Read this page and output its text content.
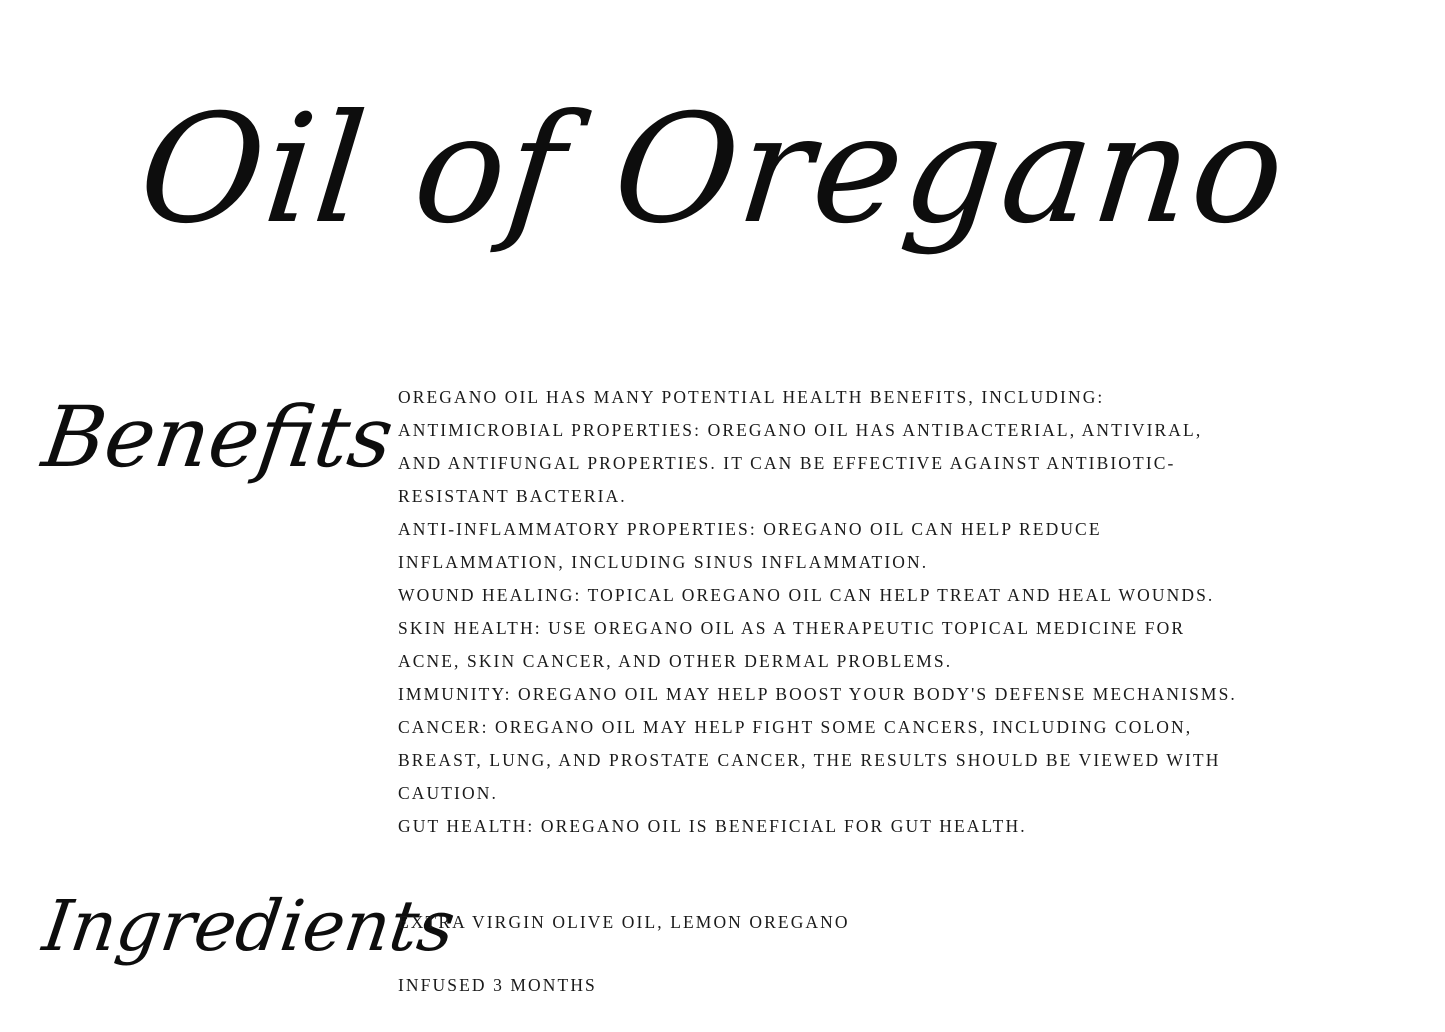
Oil of Oregano
Benefits
OREGANO OIL HAS MANY POTENTIAL HEALTH BENEFITS, INCLUDING:
ANTIMICROBIAL PROPERTIES: OREGANO OIL HAS ANTIBACTERIAL, ANTIVIRAL,
AND ANTIFUNGAL PROPERTIES. IT CAN BE EFFECTIVE AGAINST ANTIBIOTIC-
RESISTANT BACTERIA.
ANTI-INFLAMMATORY PROPERTIES: OREGANO OIL CAN HELP REDUCE
INFLAMMATION, INCLUDING SINUS INFLAMMATION.
WOUND HEALING: TOPICAL OREGANO OIL CAN HELP TREAT AND HEAL WOUNDS.
SKIN HEALTH: USE OREGANO OIL AS A THERAPEUTIC TOPICAL MEDICINE FOR
ACNE, SKIN CANCER, AND OTHER DERMAL PROBLEMS.
IMMUNITY: OREGANO OIL MAY HELP BOOST YOUR BODY'S DEFENSE MECHANISMS.
CANCER: OREGANO OIL MAY HELP FIGHT SOME CANCERS, INCLUDING COLON,
BREAST, LUNG, AND PROSTATE CANCER, THE RESULTS SHOULD BE VIEWED WITH
CAUTION.
GUT HEALTH: OREGANO OIL IS BENEFICIAL FOR GUT HEALTH.
Ingredients
EXTRA VIRGIN OLIVE OIL, LEMON OREGANO
INFUSED 3 MONTHS
